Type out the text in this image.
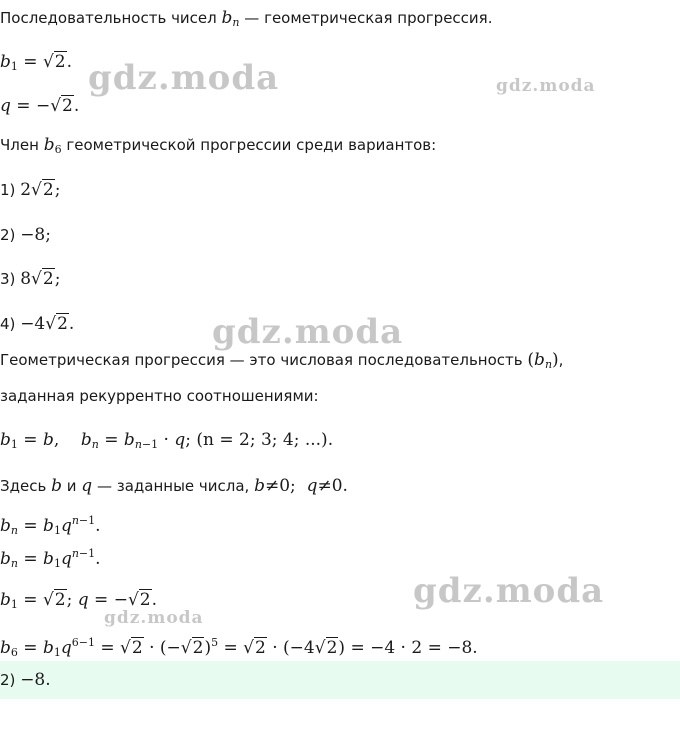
Последовательность чисел $b_n$ — геометрическая прогрессия.
$b_1 = √2$.
q = −√2.
Член $b_6$ геометрической прогрессии среди вариантов:
1) 2√2;
2) −8;
3) 8√2;
4) −4√2.
Геометрическая прогрессия — это числовая последовательность $(b_n)$,
заданная рекуррентно соотношениями:
$b_1 = b$,    $b_n = b_{n-1} \cdot q$; (n = 2; 3; 4; ...).
Здесь b и q — заданные числа, b≠0;  q≠0.
$b_n = b_1q^{n-1}$.
$b_n = b_1q^{n-1}$.
$b_1 = √2$; q = −√2.
$b_6 = b_1q^{6-1} = √2 \cdot (-√2)^5 = √2 \cdot (-4√2) = -4 \cdot 2 = -8$.
2) −8.
gdz.moda	gdz.moda
gdz.moda
gdz.moda
gdz.moda
